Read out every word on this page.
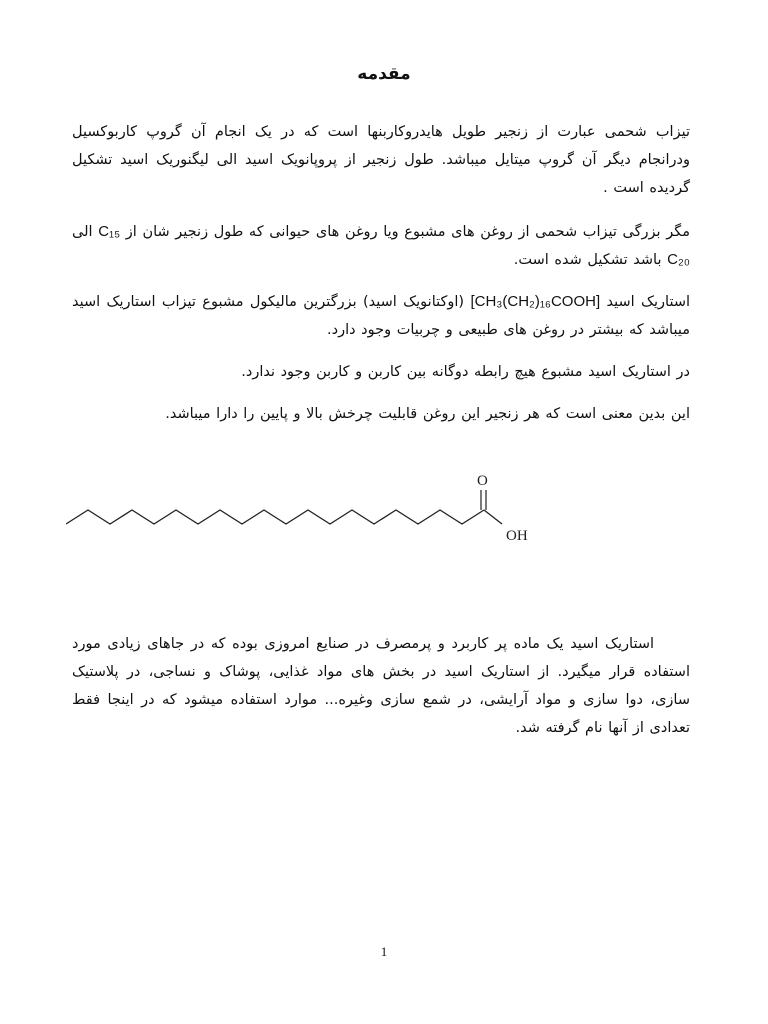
مقدمه

تیزاب شحمی عبارت از زنجیر طویل هایدروکاربنها است که در یک انجام آن گروپ کاربوکسیل ودرانجام دیگر آن گروپ میتایل میباشد. طول زنجیر از پروپانویک اسید الی لیگنوریک اسید تشکیل گردیده است .

مگر بزرگی تیزاب شحمی از روغن های مشبوع ویا روغن های حیوانی که طول زنجیر شان از C₁₅ الی C₂₀ باشد تشکیل شده است.

استاریک اسید [CH₃(CH₂)₁₆COOH] (اوکتانویک اسید) بزرگترین مالیکول مشبوع تیزاب استاریک اسید میباشد که بیشتر در روغن های طبیعی و چربیات وجود دارد.

در استاریک اسید مشبوع هیچ رابطه دوگانه بین کاربن و کاربن وجود ندارد.

این بدین معنی است که هر زنجیر این روغن قابلیت چرخش بالا و پایین را دارا میباشد.

O
OH

استاریک اسید یک ماده پر کاربرد و پرمصرف در صنایع امروزی بوده که در جاهای زیادی مورد استفاده قرار میگیرد. از استاریک اسید در بخش های مواد غذایی، پوشاک و نساجی، در پلاستیک سازی، دوا سازی و مواد آرایشی، در شمع سازی وغیره... موارد استفاده میشود که در اینجا فقط تعدادی از آنها نام گرفته شد.

1
